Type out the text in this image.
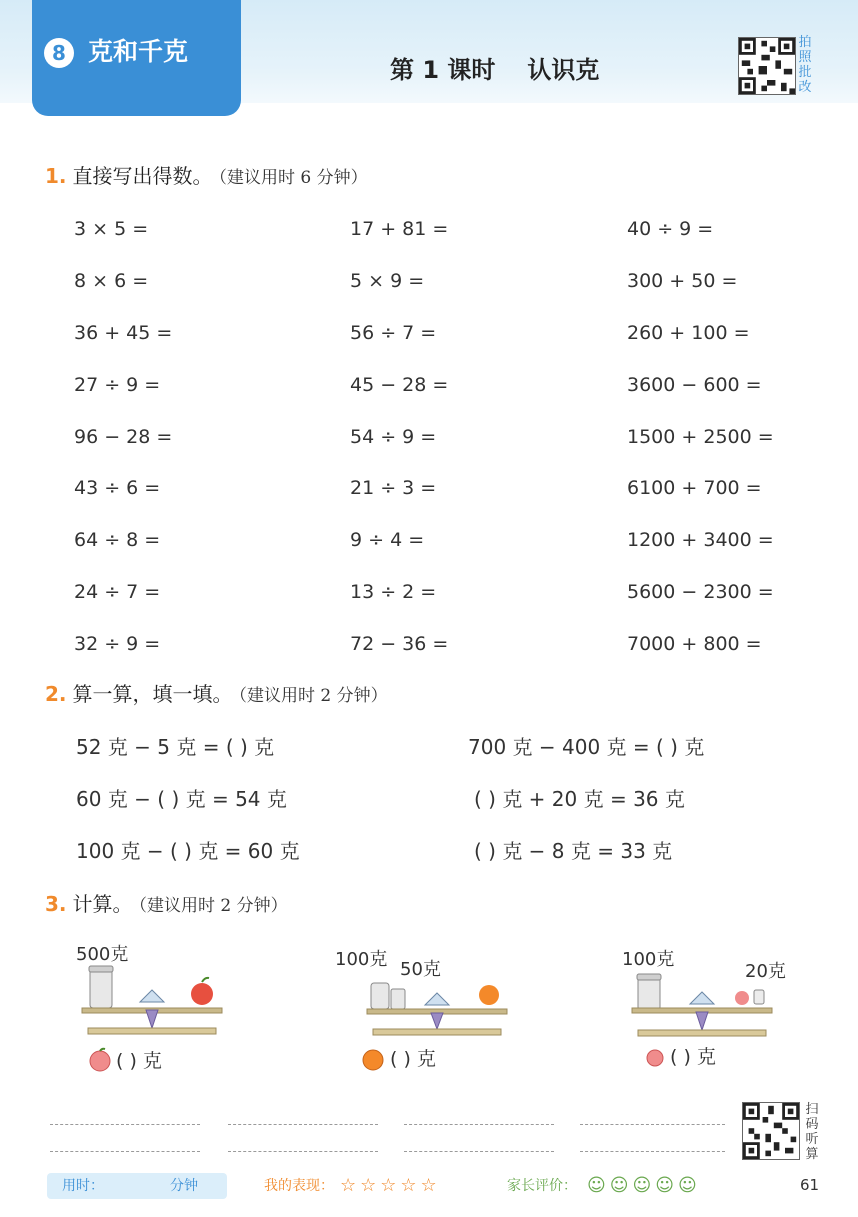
8 克和千克
第 1 课时 认识克
拍照批改
1. 直接写出得数。 （建议用时 6 分钟）
3 × 5 =	17 + 81 =	40 ÷ 9 =
8 × 6 =	5 × 9 =	300 + 50 =
36 + 45 =	56 ÷ 7 =	260 + 100 =
27 ÷ 9 =	45 − 28 =	3600 − 600 =
96 − 28 =	54 ÷ 9 =	1500 + 2500 =
43 ÷ 6 =	21 ÷ 3 =	6100 + 700 =
64 ÷ 8 =	9 ÷ 4 =	1200 + 3400 =
24 ÷ 7 =	13 ÷ 2 =	5600 − 2300 =
32 ÷ 9 =	72 − 36 =	7000 + 800 =
2. 算一算，填一填。 （建议用时 2 分钟）
52 克 − 5 克 = ( ) 克	700 克 − 400 克 = ( ) 克
60 克 − ( ) 克 = 54 克	( ) 克 + 20 克 = 36 克
100 克 − ( ) 克 = 60 克	( ) 克 − 8 克 = 33 克
3. 计算。 （建议用时 2 分钟）
500克
( ) 克
100克 50克
( ) 克
100克
20克
( ) 克
扫码听算
用时：	分钟	我的表现： ☆☆☆☆☆	家长评价： ☺☺☺☺☺	61
